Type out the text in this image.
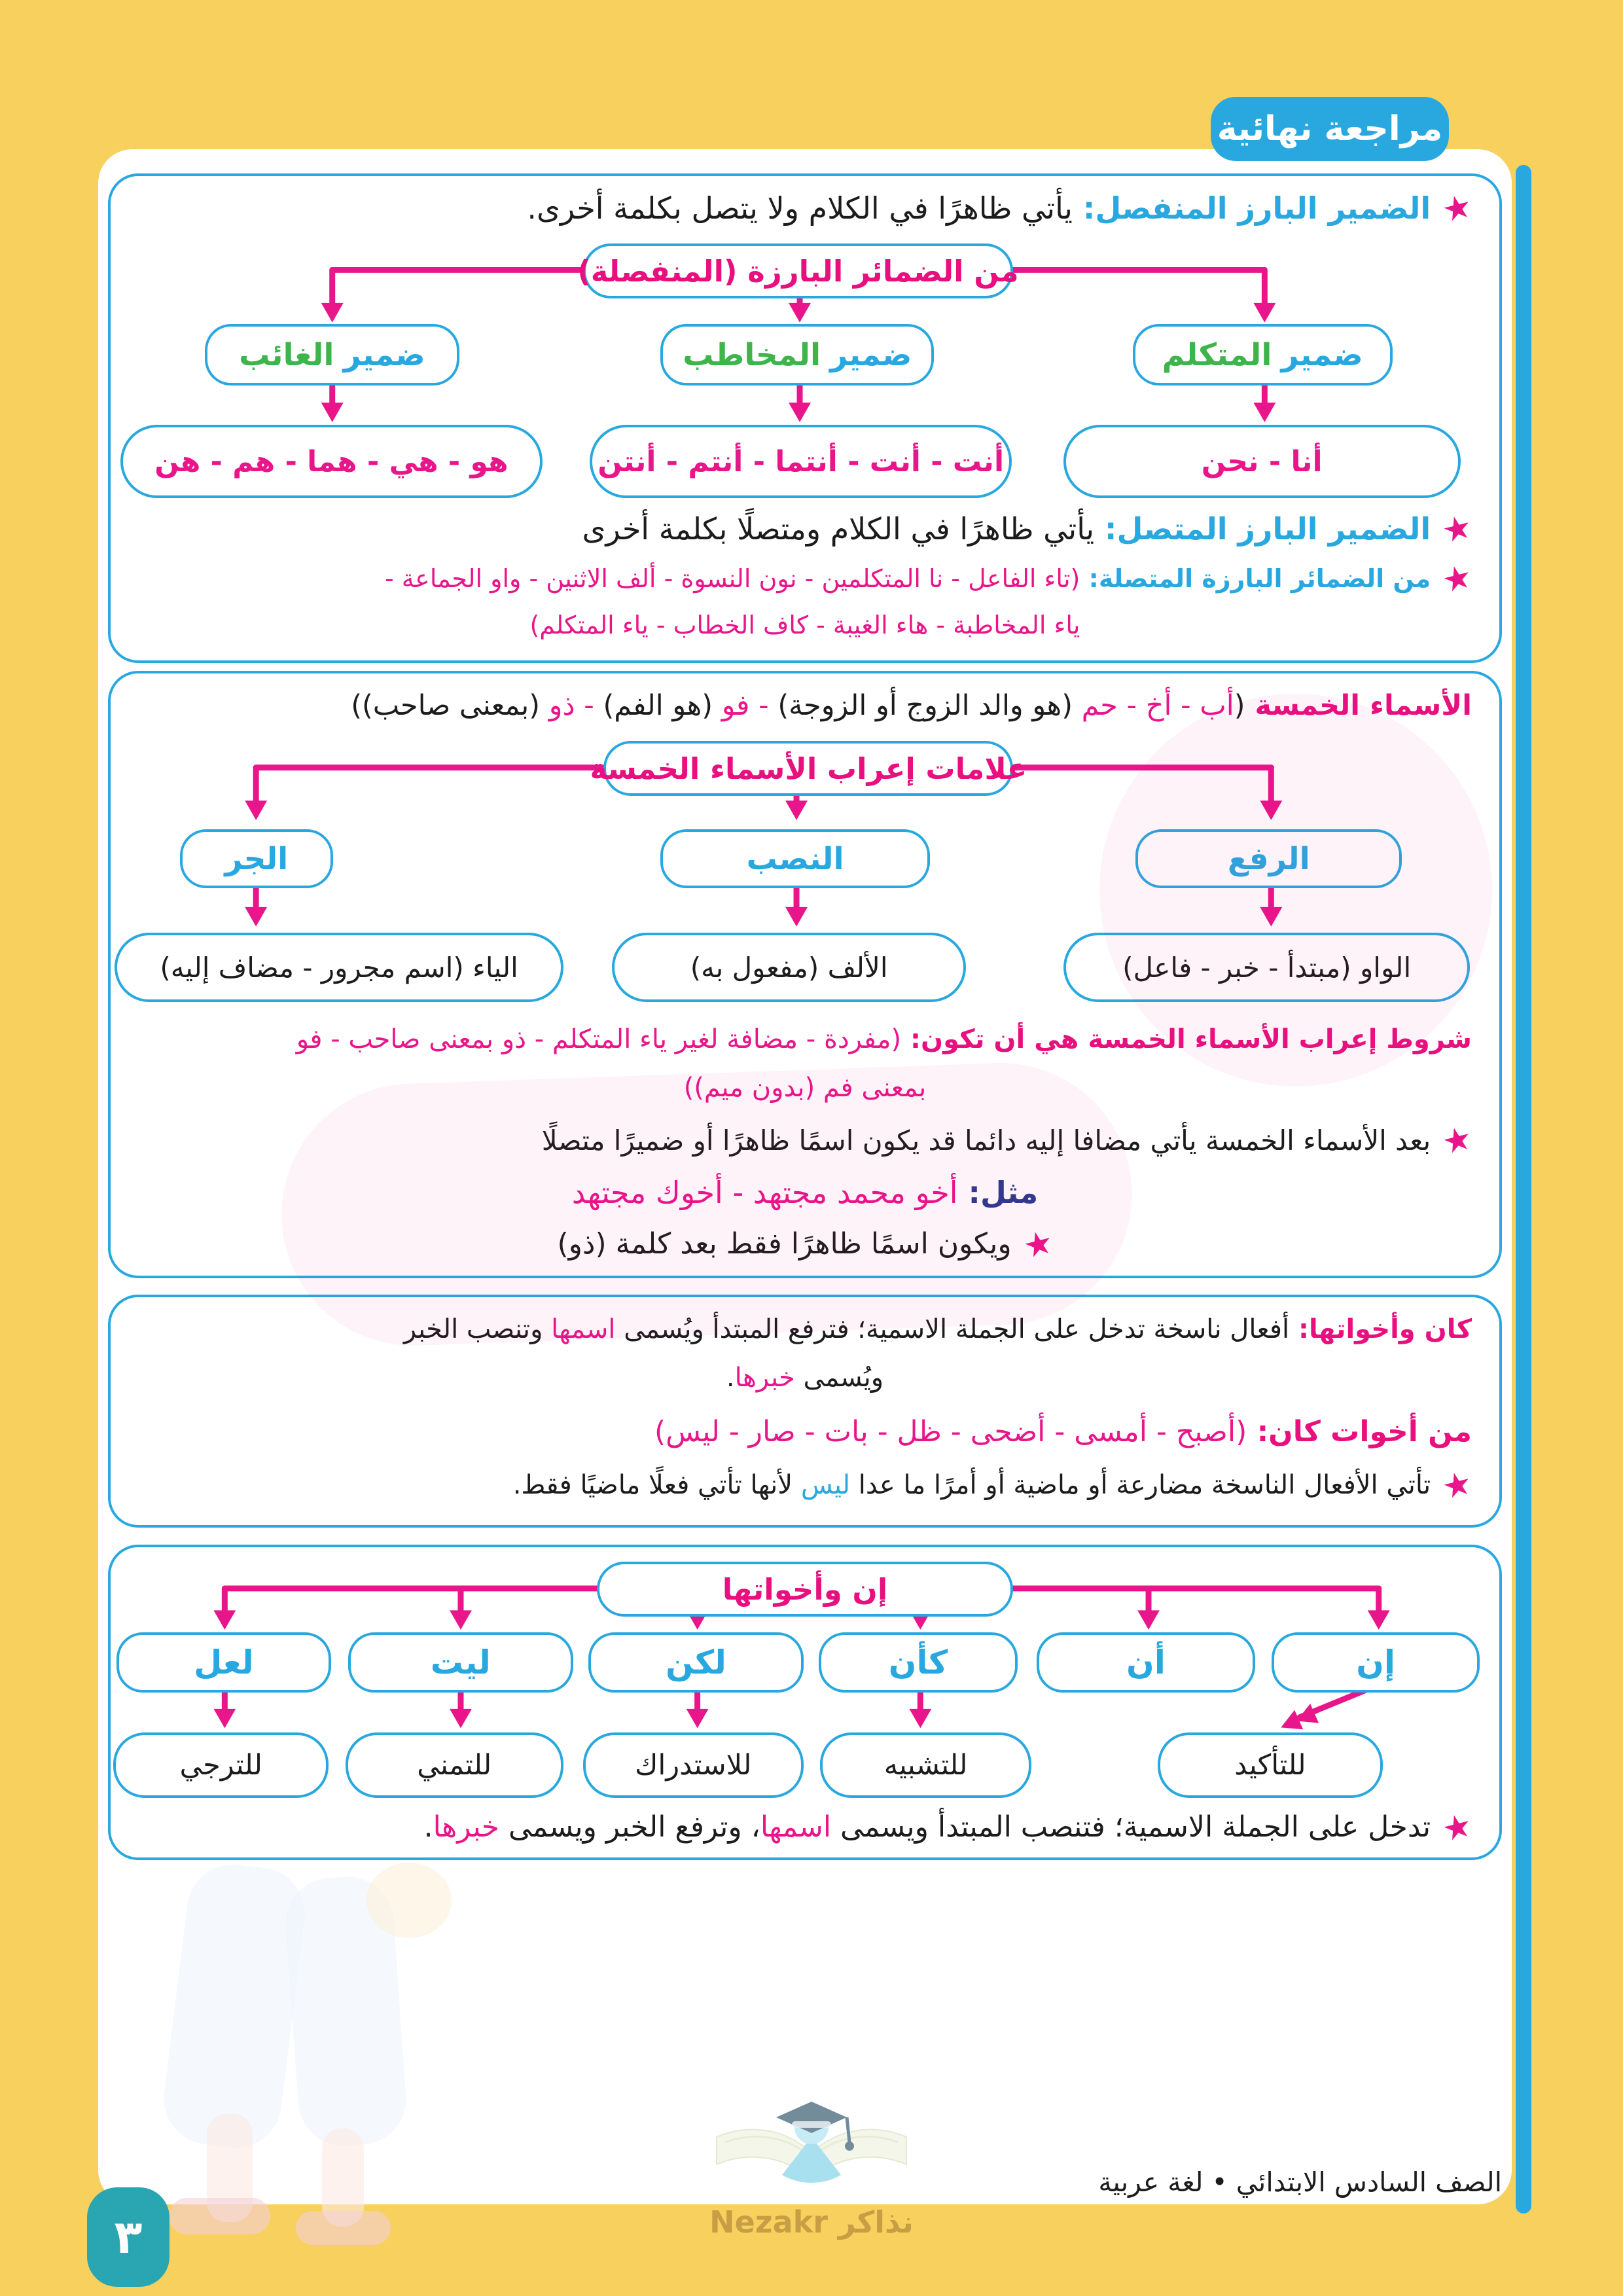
مراجعة نهائية
★
الضمير البارز المنفصل: يأتي ظاهرًا في الكلام ولا يتصل بكلمة أخرى.
من الضمائر البارزة (المنفصلة)
ضمير
المتكلم
ضمير
المخاطب
ضمير
الغائب
أنا - نحن
أنت - أنت - أنتما - أنتم - أنتن
هو - هي - هما - هم - هن
★
الضمير البارز المتصل: يأتي ظاهرًا في الكلام ومتصلًا بكلمة أخرى
★
من الضمائر البارزة المتصلة: (تاء الفاعل - نا المتكلمين - نون النسوة - ألف الاثنين - واو الجماعة -
ياء المخاطبة - هاء الغيبة - كاف الخطاب - ياء المتكلم)
الأسماء الخمسة (أب - أخ - حم (هو والد الزوج أو الزوجة) - فو (هو الفم) - ذو (بمعنى صاحب))
علامات إعراب الأسماء الخمسة
الرفع
النصب
الجر
الواو (مبتدأ - خبر - فاعل)
الألف (مفعول به)
الياء (اسم مجرور - مضاف إليه)
شروط إعراب الأسماء الخمسة هي أن تكون: (مفردة - مضافة لغير ياء المتكلم - ذو بمعنى صاحب - فو
بمعنى فم (بدون ميم))
★
بعد الأسماء الخمسة يأتي مضافا إليه دائما قد يكون اسمًا ظاهرًا أو ضميرًا متصلًا
مثل: أخو محمد مجتهد - أخوك مجتهد
★
ويكون اسمًا ظاهرًا فقط بعد كلمة (ذو)
كان وأخواتها: أفعال ناسخة تدخل على الجملة الاسمية؛ فترفع المبتدأ ويُسمى اسمها وتنصب الخبر
ويُسمى خبرها.
من أخوات كان: (أصبح - أمسى - أضحى - ظل - بات - صار - ليس)
★
تأتي الأفعال الناسخة مضارعة أو ماضية أو أمرًا ما عدا ليس لأنها تأتي فعلًا ماضيًا فقط.
إن وأخواتها
إن
أن
كأن
لكن
ليت
لعل
للتأكيد
للتشبيه
للاستدراك
للتمني
للترجي
★
تدخل على الجملة الاسمية؛ فتنصب المبتدأ ويسمى اسمها، وترفع الخبر ويسمى خبرها.
٣
الصف السادس الابتدائي • لغة عربية
نذاكر Nezakr
